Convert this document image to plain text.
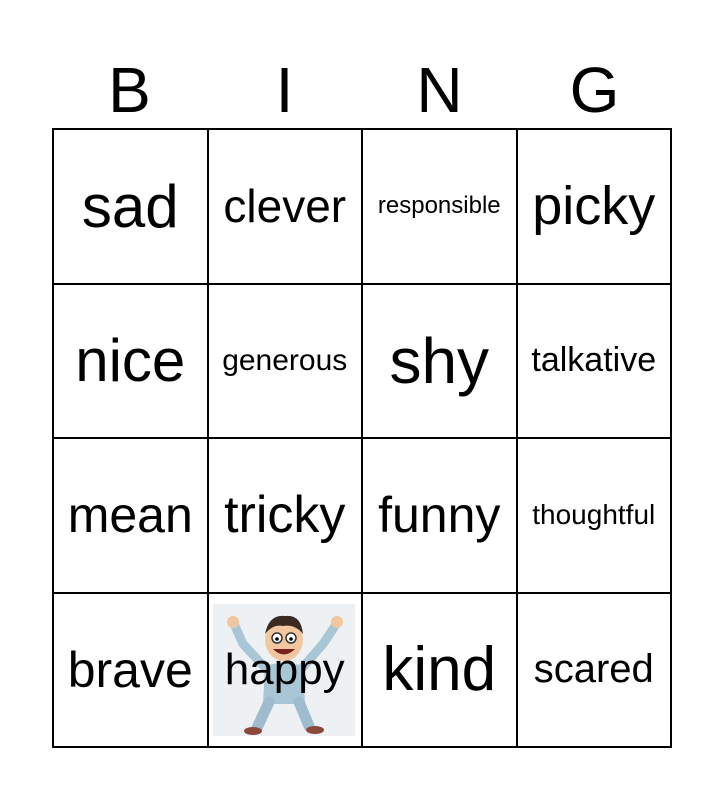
B	I	N	G
sad clever responsible picky
nice generous shy talkative
mean tricky funny thoughtful
brave happy kind scared
